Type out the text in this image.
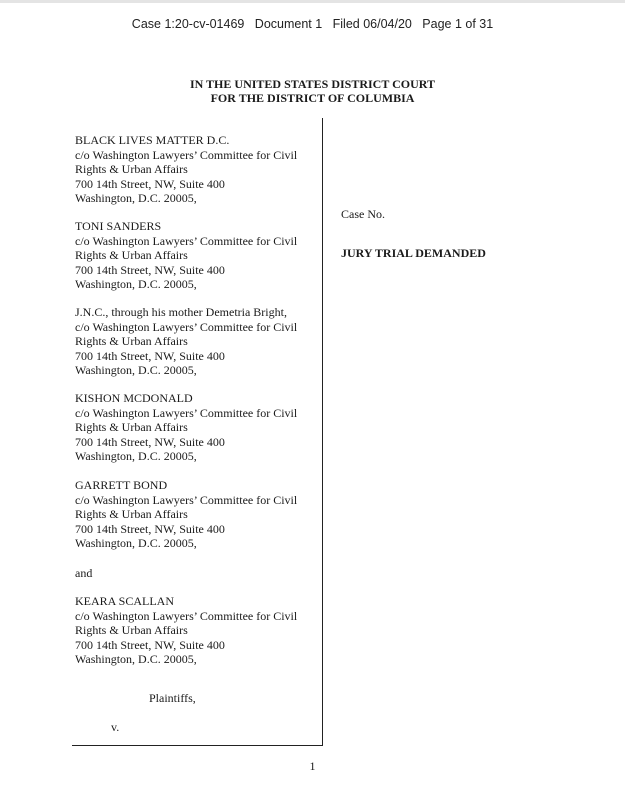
Case 1:20-cv-01469 Document 1 Filed 06/04/20 Page 1 of 31
IN THE UNITED STATES DISTRICT COURT
FOR THE DISTRICT OF COLUMBIA
BLACK LIVES MATTER D.C.
c/o Washington Lawyers’ Committee for Civil
Rights & Urban Affairs
700 14th Street, NW, Suite 400
Washington, D.C. 20005,
TONI SANDERS
c/o Washington Lawyers’ Committee for Civil
Rights & Urban Affairs
700 14th Street, NW, Suite 400
Washington, D.C. 20005,
J.N.C., through his mother Demetria Bright,
c/o Washington Lawyers’ Committee for Civil
Rights & Urban Affairs
700 14th Street, NW, Suite 400
Washington, D.C. 20005,
KISHON MCDONALD
c/o Washington Lawyers’ Committee for Civil
Rights & Urban Affairs
700 14th Street, NW, Suite 400
Washington, D.C. 20005,
GARRETT BOND
c/o Washington Lawyers’ Committee for Civil
Rights & Urban Affairs
700 14th Street, NW, Suite 400
Washington, D.C. 20005,
and
KEARA SCALLAN
c/o Washington Lawyers’ Committee for Civil
Rights & Urban Affairs
700 14th Street, NW, Suite 400
Washington, D.C. 20005,
Plaintiffs,
v.
Case No.
JURY TRIAL DEMANDED
1
